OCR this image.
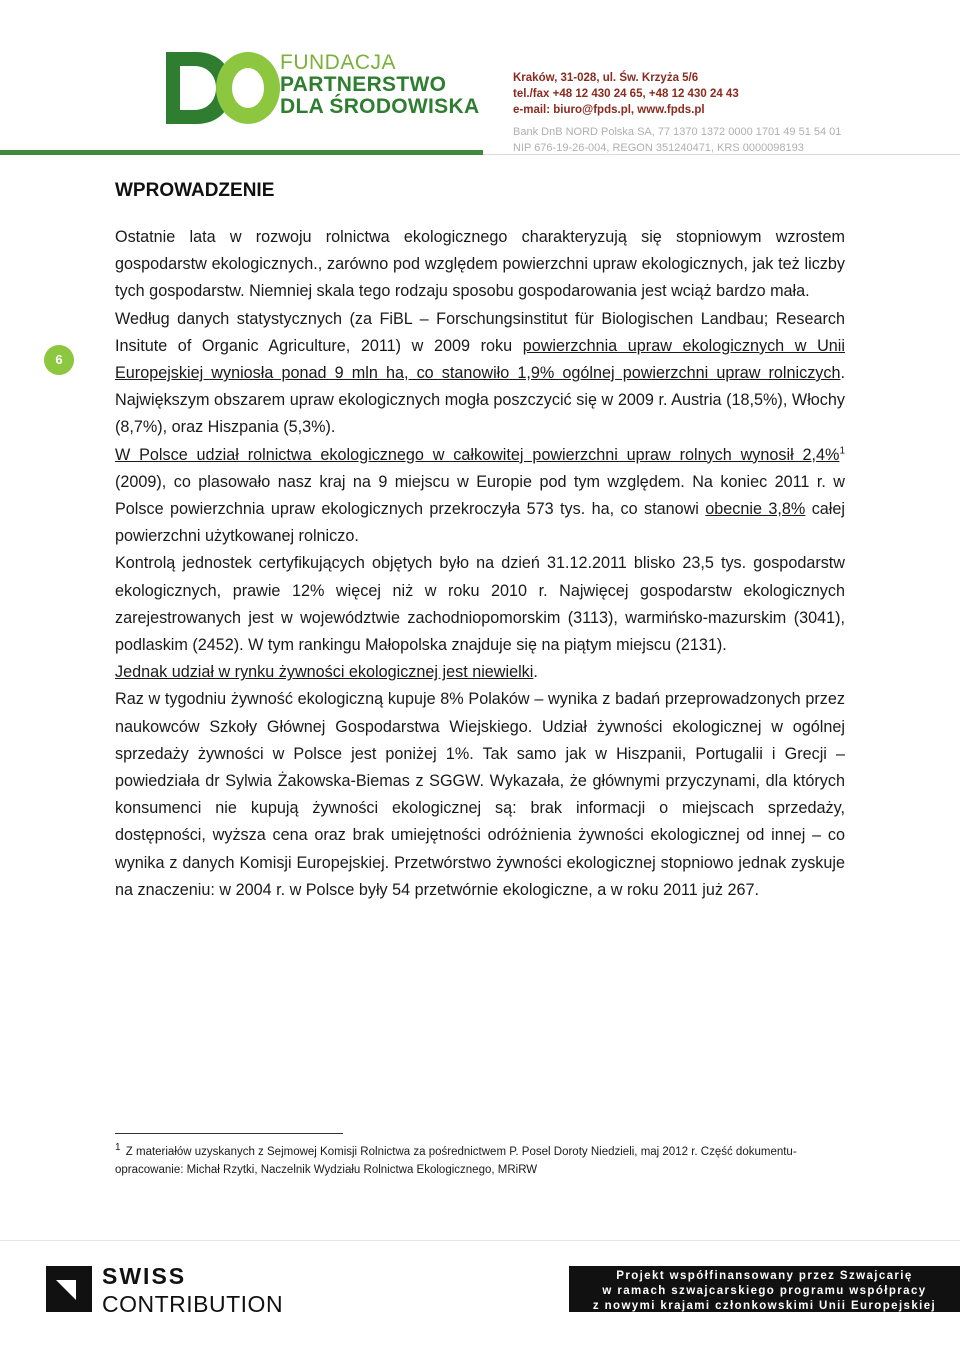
FUNDACJA
PARTNERSTWO
DLA ŚRODOWISKA
Kraków, 31-028, ul. Św. Krzyża 5/6
tel./fax +48 12 430 24 65, +48 12 430 24 43
e-mail: biuro@fpds.pl, www.fpds.pl
Bank DnB NORD Polska SA, 77 1370 1372 0000 1701 49 51 54 01
NIP 676-19-26-004, REGON 351240471, KRS 0000098193
6
WPROWADZENIE

Ostatnie lata w rozwoju rolnictwa ekologicznego charakteryzują się stopniowym wzrostem gospodarstw ekologicznych., zarówno pod względem powierzchni upraw ekologicznych, jak też liczby tych gospodarstw. Niemniej skala tego rodzaju sposobu gospodarowania jest wciąż bardzo mała.

Według danych statystycznych (za FiBL – Forschungsinstitut für Biologischen Landbau; Research Insitute of Organic Agriculture, 2011) w 2009 roku powierzchnia upraw ekologicznych w Unii Europejskiej wyniosła ponad 9 mln ha, co stanowiło 1,9% ogólnej powierzchni upraw rolniczych. Największym obszarem upraw ekologicznych mogła poszczycić się w 2009 r. Austria (18,5%), Włochy (8,7%), oraz Hiszpania (5,3%).

W Polsce udział rolnictwa ekologicznego w całkowitej powierzchni upraw rolnych wynosił 2,4%$^1$ (2009), co plasowało nasz kraj na 9 miejscu w Europie pod tym względem. Na koniec 2011 r. w Polsce powierzchnia upraw ekologicznych przekroczyła 573 tys. ha, co stanowi obecnie 3,8% całej powierzchni użytkowanej rolniczo.

Kontrolą jednostek certyfikujących objętych było na dzień 31.12.2011 blisko 23,5 tys. gospodarstw ekologicznych, prawie 12% więcej niż w roku 2010 r. Najwięcej gospodarstw ekologicznych zarejestrowanych jest w województwie zachodniopomorskim (3113), warmińsko-mazurskim (3041), podlaskim (2452). W tym rankingu Małopolska znajduje się na piątym miejscu (2131).

Jednak udział w rynku żywności ekologicznej jest niewielki.

Raz w tygodniu żywność ekologiczną kupuje 8% Polaków – wynika z badań przeprowadzonych przez naukowców Szkoły Głównej Gospodarstwa Wiejskiego. Udział żywności ekologicznej w ogólnej sprzedaży żywności w Polsce jest poniżej 1%. Tak samo jak w Hiszpanii, Portugalii i Grecji – powiedziała dr Sylwia Żakowska-Biemas z SGGW. Wykazała, że głównymi przyczynami, dla których konsumenci nie kupują żywności ekologicznej są: brak informacji o miejscach sprzedaży, dostępności, wyższa cena oraz brak umiejętności odróżnienia żywności ekologicznej od innej – co wynika z danych Komisji Europejskiej. Przetwórstwo żywności ekologicznej stopniowo jednak zyskuje na znaczeniu: w 2004 r. w Polsce były 54 przetwórnie ekologiczne, a w roku 2011 już 267.

1 Z materiałów uzyskanych z Sejmowej Komisji Rolnictwa za pośrednictwem P. Posel Doroty Niedzieli, maj 2012 r. Część dokumentu-opracowanie: Michał Rzytki, Naczelnik Wydziału Rolnictwa Ekologicznego, MRiRW
SWISS
CONTRIBUTION
Projekt współfinansowany przez Szwajcarię
w ramach szwajcarskiego programu współpracy
z nowymi krajami członkowskimi Unii Europejskiej
